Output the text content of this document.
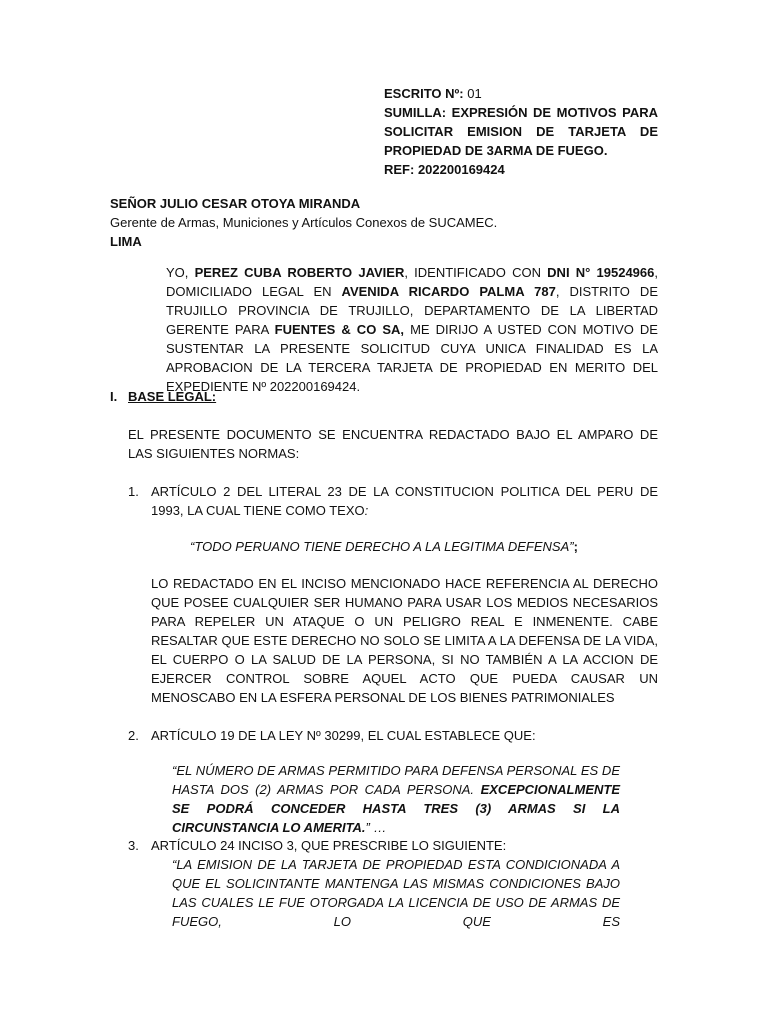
ESCRITO Nº: 01
SUMILLA: EXPRESIÓN DE MOTIVOS PARA SOLICITAR EMISION DE TARJETA DE PROPIEDAD DE 3ARMA DE FUEGO.
REF: 202200169424
SEÑOR JULIO CESAR OTOYA MIRANDA
Gerente de Armas, Municiones y Artículos Conexos de SUCAMEC.
LIMA
YO, PEREZ CUBA ROBERTO JAVIER, IDENTIFICADO CON DNI N° 19524966, DOMICILIADO LEGAL EN AVENIDA RICARDO PALMA 787, DISTRITO DE TRUJILLO PROVINCIA DE TRUJILLO, DEPARTAMENTO DE LA LIBERTAD GERENTE PARA FUENTES & CO SA, ME DIRIJO A USTED CON MOTIVO DE SUSTENTAR LA PRESENTE SOLICITUD CUYA UNICA FINALIDAD ES LA APROBACION DE LA TERCERA TARJETA DE PROPIEDAD EN MERITO DEL EXPEDIENTE Nº 202200169424.
I. BASE LEGAL:

EL PRESENTE DOCUMENTO SE ENCUENTRA REDACTADO BAJO EL AMPARO DE LAS SIGUIENTES NORMAS:
1. ARTÍCULO 2 DEL LITERAL 23 DE LA CONSTITUCION POLITICA DEL PERU DE 1993, LA CUAL TIENE COMO TEXO:
“TODO PERUANO TIENE DERECHO A LA LEGITIMA DEFENSA”;
LO REDACTADO EN EL INCISO MENCIONADO HACE REFERENCIA AL DERECHO QUE POSEE CUALQUIER SER HUMANO PARA USAR LOS MEDIOS NECESARIOS PARA REPELER UN ATAQUE O UN PELIGRO REAL E INMENENTE. CABE RESALTAR QUE ESTE DERECHO NO SOLO SE LIMITA A LA DEFENSA DE LA VIDA, EL CUERPO O LA SALUD DE LA PERSONA, SI NO TAMBIÉN A LA ACCION DE EJERCER CONTROL SOBRE AQUEL ACTO QUE PUEDA CAUSAR UN MENOSCABO EN LA ESFERA PERSONAL DE LOS BIENES PATRIMONIALES
2. ARTÍCULO 19 DE LA LEY Nº 30299, EL CUAL ESTABLECE QUE:
“EL NÚMERO DE ARMAS PERMITIDO PARA DEFENSA PERSONAL ES DE HASTA DOS (2) ARMAS POR CADA PERSONA. EXCEPCIONALMENTE SE PODRÁ CONCEDER HASTA TRES (3) ARMAS SI LA CIRCUNSTANCIA LO AMERITA.” …
3. ARTÍCULO 24 INCISO 3, QUE PRESCRIBE LO SIGUIENTE:
“LA EMISION DE LA TARJETA DE PROPIEDAD ESTA CONDICIONADA A QUE EL SOLICINTANTE MANTENGA LAS MISMAS CONDICIONES BAJO LAS CUALES LE FUE OTORGADA LA LICENCIA DE USO DE ARMAS DE FUEGO, LO QUE ES
